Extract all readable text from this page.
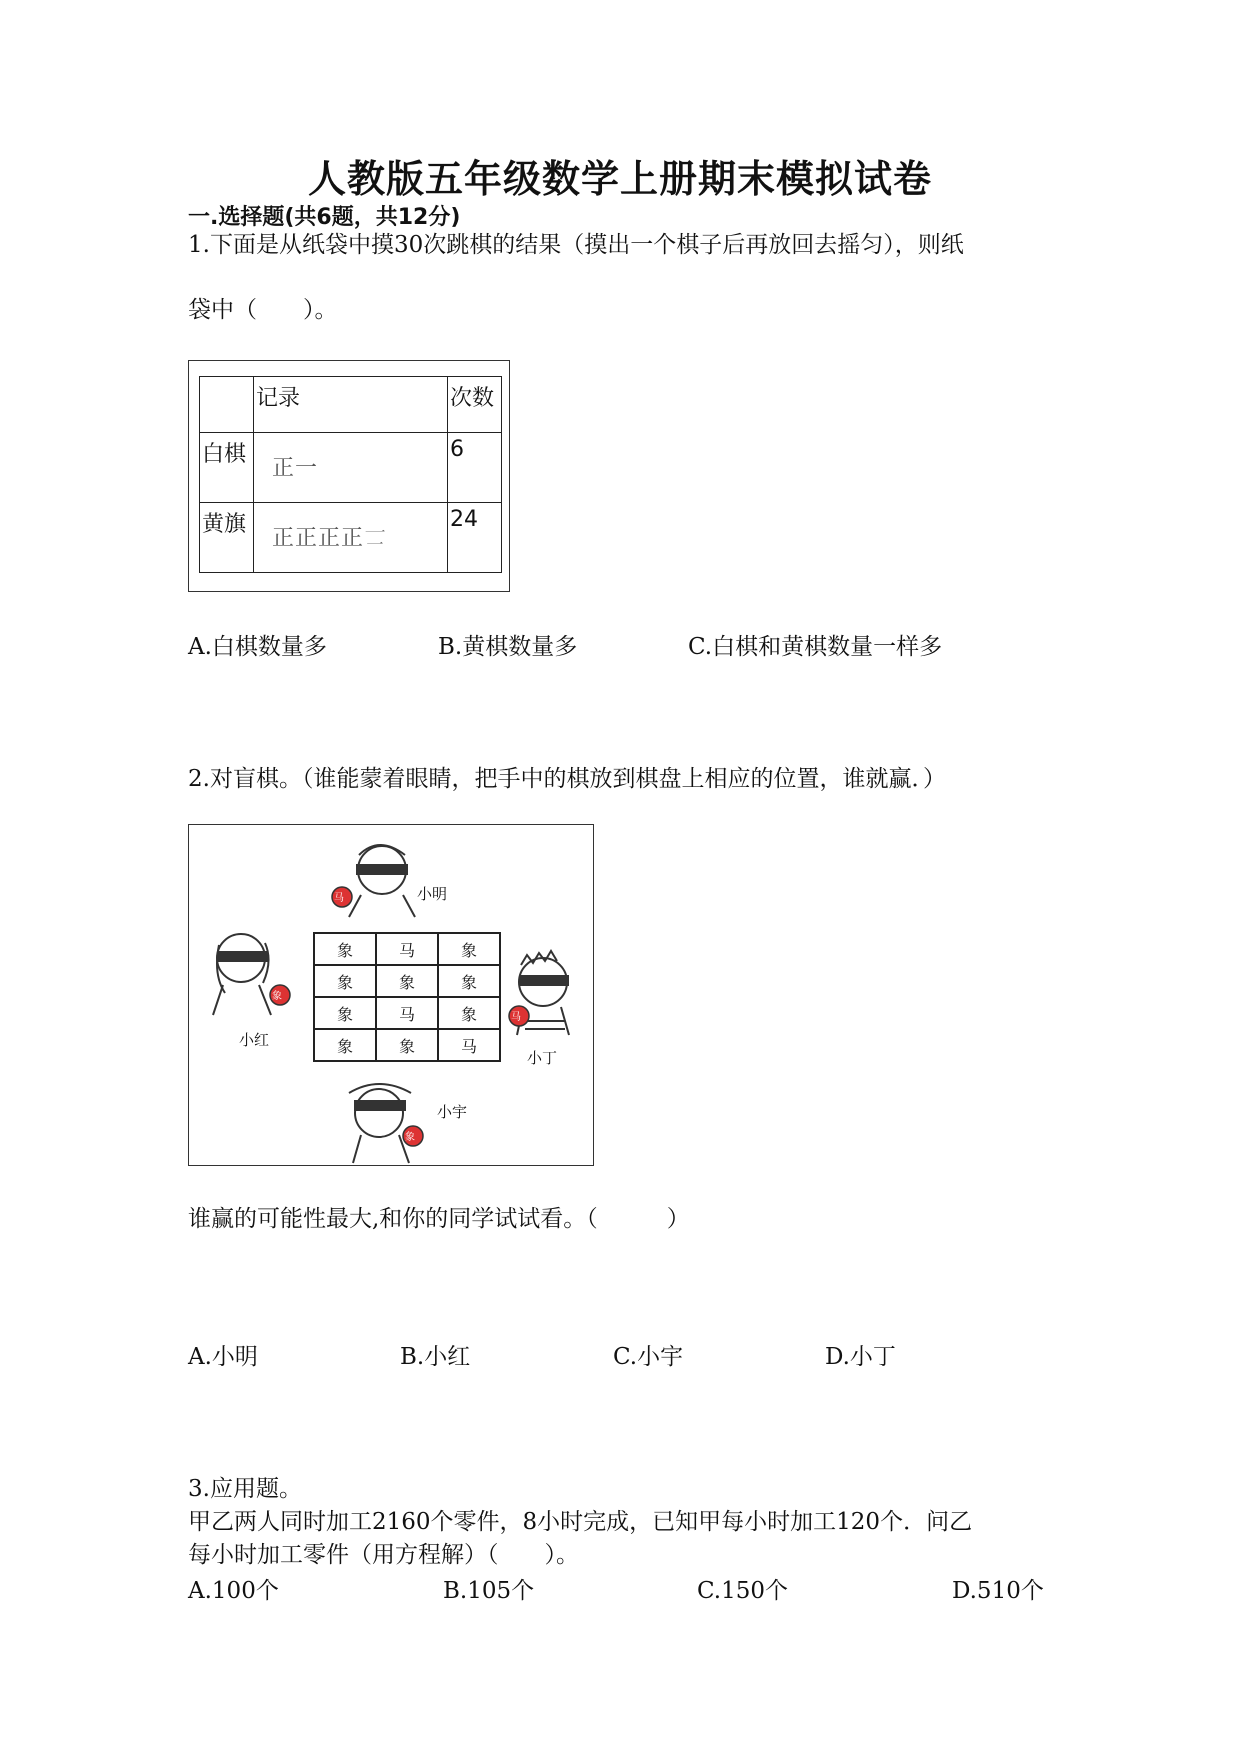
人教版五年级数学上册期末模拟试卷
一.选择题(共6题，共12分)
1.下面是从纸袋中摸30次跳棋的结果（摸出一个棋子后再放回去摇匀），则纸
袋中（　　）。
	记录	次数
白棋	正一	6
黄旗	正正正正𠄟	24
A.白棋数量多	B.黄棋数量多	C.白棋和黄棋数量一样多
2.对盲棋。（谁能蒙着眼睛，把手中的棋放到棋盘上相应的位置，谁就赢．）
小明
小红
小丁
小宇
象	马	象
象	象	象
象	马	象
象	象	马
马
象
马
象
谁赢的可能性最大,和你的同学试试看。（　　　）
A.小明	B.小红	C.小宇	D.小丁
3.应用题。
甲乙两人同时加工2160个零件，8小时完成，已知甲每小时加工120个．问乙
每小时加工零件（用方程解）（　　）。
A.100个	B.105个	C.150个	D.510个
